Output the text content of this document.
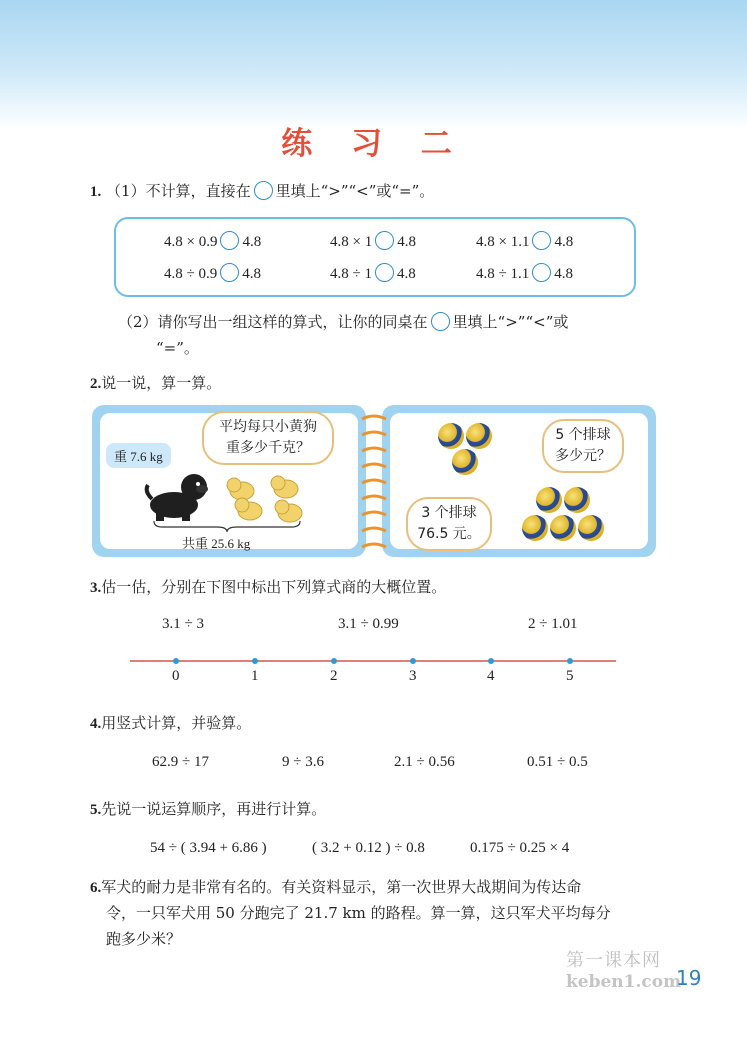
练 习 二
1. （1）不计算，直接在 里填上“>”“<”或“=”。
4.8 × 0.9 4.8	4.8 × 1 4.8	4.8 × 1.1 4.8
4.8 ÷ 0.9 4.8	4.8 ÷ 1 4.8	4.8 ÷ 1.1 4.8
（2）请你写出一组这样的算式，让你的同桌在 里填上“>”“<”或
“=”。
2.说一说，算一算。
重 7.6 kg
平均每只小黄狗
重多少千克？
共重 25.6 kg
3 个排球
76.5 元。
5 个排球
多少元？
3.估一估，分别在下图中标出下列算式商的大概位置。
3.1 ÷ 3	3.1 ÷ 0.99	2 ÷ 1.01
0	1	2	3	4	5
4.用竖式计算，并验算。
62.9 ÷ 17	9 ÷ 3.6	2.1 ÷ 0.56	0.51 ÷ 0.5
5.先说一说运算顺序，再进行计算。
54 ÷ ( 3.94 + 6.86 )	( 3.2 + 0.12 ) ÷ 0.8	0.175 ÷ 0.25 × 4
6.军犬的耐力是非常有名的。有关资料显示，第一次世界大战期间为传达命
令，一只军犬用 50 分跑完了 21.7 km 的路程。算一算，这只军犬平均每分
跑多少米？
第一课本网
keben1.com
19
